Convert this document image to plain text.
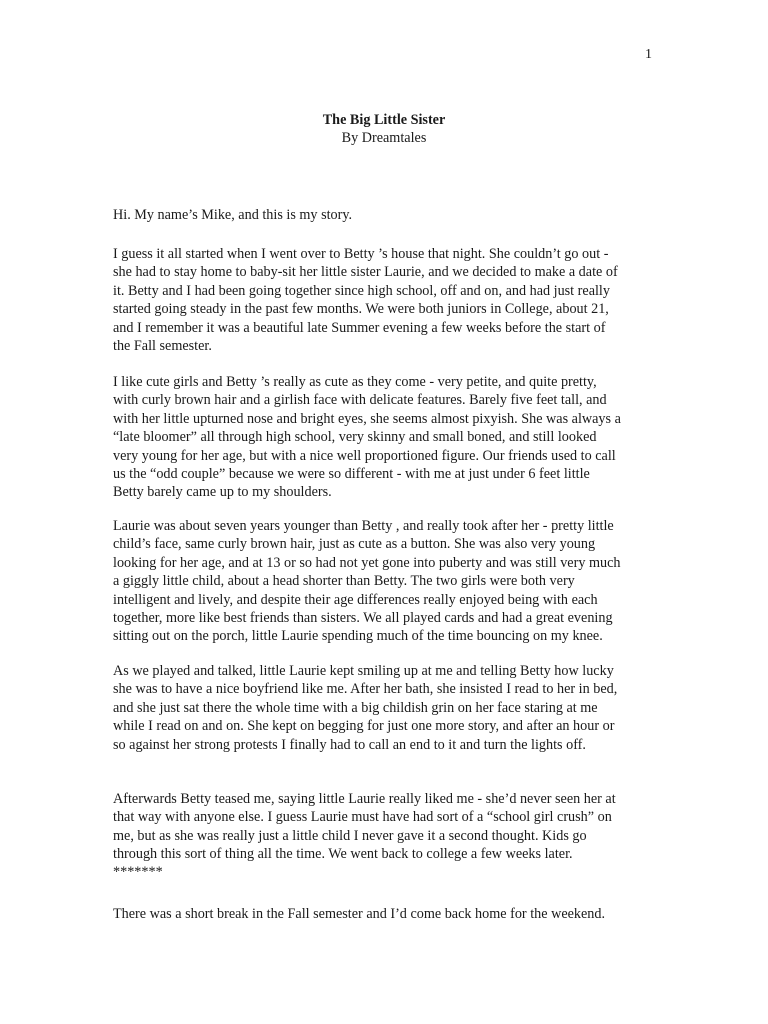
1
The Big Little Sister
By Dreamtales

Hi. My name’s Mike, and this is my story.

I guess it all started when I went over to Betty ’s house that night. She couldn’t go out -
she had to stay home to baby-sit her little sister Laurie, and we decided to make a date of
it. Betty and I had been going together since high school, off and on, and had just really
started going steady in the past few months. We were both juniors in College, about 21,
and I remember it was a beautiful late Summer evening a few weeks before the start of
the Fall semester.

I like cute girls and Betty ’s really as cute as they come - very petite, and quite pretty,
with curly brown hair and a girlish face with delicate features. Barely five feet tall, and
with her little upturned nose and bright eyes, she seems almost pixyish. She was always a
“late bloomer” all through high school, very skinny and small boned, and still looked
very young for her age, but with a nice well proportioned figure. Our friends used to call
us the “odd couple” because we were so different - with me at just under 6 feet little
Betty barely came up to my shoulders.

Laurie was about seven years younger than Betty , and really took after her - pretty little
child’s face, same curly brown hair, just as cute as a button. She was also very young
looking for her age, and at 13 or so had not yet gone into puberty and was still very much
a giggly little child, about a head shorter than Betty. The two girls were both very
intelligent and lively, and despite their age differences really enjoyed being with each
together, more like best friends than sisters. We all played cards and had a great evening
sitting out on the porch, little Laurie spending much of the time bouncing on my knee.

As we played and talked, little Laurie kept smiling up at me and telling Betty how lucky
she was to have a nice boyfriend like me. After her bath, she insisted I read to her in bed,
and she just sat there the whole time with a big childish grin on her face staring at me
while I read on and on. She kept on begging for just one more story, and after an hour or
so against her strong protests I finally had to call an end to it and turn the lights off.

Afterwards Betty teased me, saying little Laurie really liked me - she’d never seen her at
that way with anyone else. I guess Laurie must have had sort of a “school girl crush” on
me, but as she was really just a little child I never gave it a second thought. Kids go
through this sort of thing all the time. We went back to college a few weeks later.

*******

There was a short break in the Fall semester and I’d come back home for the weekend.
